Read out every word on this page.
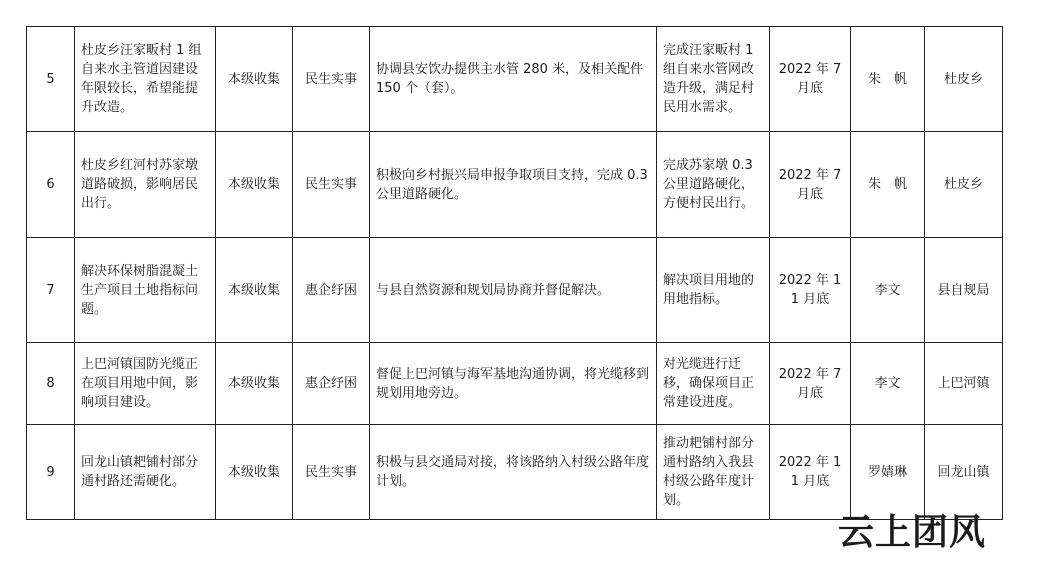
5	杜皮乡汪家畈村 1 组自来水主管道因建设年限较长，希望能提升改造。	本级收集	民生实事	协调县安饮办提供主水管 280 米，及相关配件 150 个（套）。	完成汪家畈村 1 组自来水管网改造升级，满足村民用水需求。	2022 年 7 月底	朱　帆	杜皮乡
6	杜皮乡红河村苏家墩道路破损，影响居民出行。	本级收集	民生实事	积极向乡村振兴局申报争取项目支持，完成 0.3 公里道路硬化。	完成苏家墩 0.3 公里道路硬化，方便村民出行。	2022 年 7 月底	朱　帆	杜皮乡
7	解决环保树脂混凝土生产项目土地指标问题。	本级收集	惠企纾困	与县自然资源和规划局协商并督促解决。	解决项目用地的用地指标。	2022 年 11 月底	李文	县自规局
8	上巴河镇国防光缆正在项目用地中间，影响项目建设。	本级收集	惠企纾困	督促上巴河镇与海军基地沟通协调，将光缆移到规划用地旁边。	对光缆进行迁移，确保项目正常建设进度。	2022 年 7 月底	李文	上巴河镇
9	回龙山镇耙铺村部分通村路还需硬化。	本级收集	民生实事	积极与县交通局对接，将该路纳入村级公路年度计划。	推动耙铺村部分通村路纳入我县村级公路年度计划。	2022 年 11 月底	罗婧琳	回龙山镇
云上团风
